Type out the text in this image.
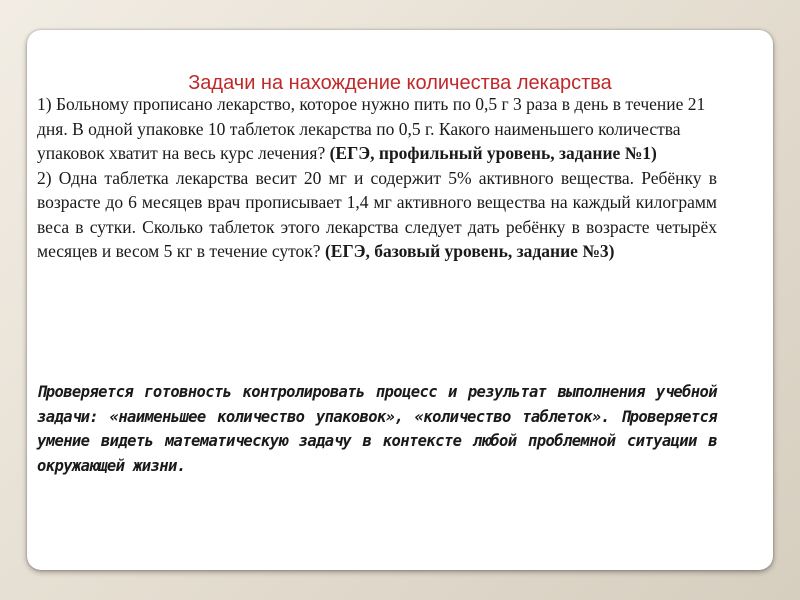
Задачи на нахождение количества лекарства

1) Больному прописано лекарство, которое нужно пить по 0,5 г 3 раза в день в течение 21 дня. В одной упаковке 10 таблеток лекарства по 0,5 г. Какого наименьшего количества упаковок хватит на весь курс лечения? (ЕГЭ, профильный уровень, задание №1)

2) Одна таблетка лекарства весит 20 мг и содержит 5% активного вещества. Ребёнку в возрасте до 6 месяцев врач прописывает 1,4 мг активного вещества на каждый килограмм веса в сутки. Сколько таблеток этого лекарства следует дать ребёнку в возрасте четырёх месяцев и весом 5 кг в течение суток? (ЕГЭ, базовый уровень, задание №3)

Проверяется готовность контролировать процесс и результат выполнения учебной задачи: «наименьшее количество упаковок», «количество таблеток». Проверяется умение видеть математическую задачу в контексте любой проблемной ситуации в окружающей жизни.
